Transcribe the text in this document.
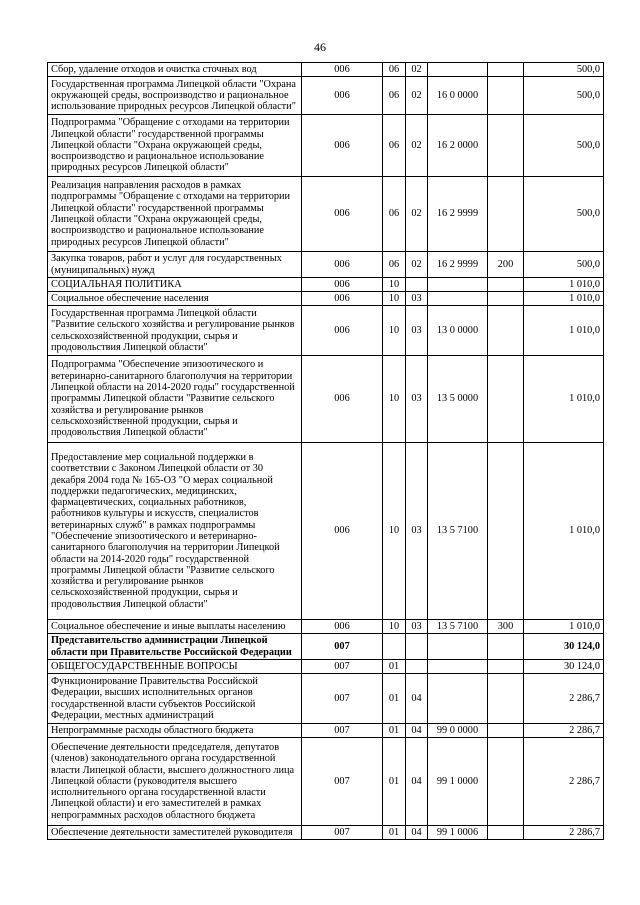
46
Сбор, удаление отходов и очистка сточных вод	006	06	02			500,0
Государственная программа Липецкой области "Охрана окружающей среды, воспроизводство и рациональное использование природных ресурсов Липецкой области"	006	06	02	16 0 0000		500,0
Подпрограмма "Обращение с отходами на территории Липецкой области" государственной программы Липецкой области "Охрана окружающей среды, воспроизводство и рациональное использование природных ресурсов Липецкой области"	006	06	02	16 2 0000		500,0
Реализация направления расходов в рамках подпрограммы "Обращение с отходами на территории Липецкой области" государственной программы Липецкой области "Охрана окружающей среды, воспроизводство и рациональное использование природных ресурсов Липецкой области"	006	06	02	16 2 9999		500,0
Закупка товаров, работ и услуг для государственных (муниципальных) нужд	006	06	02	16 2 9999	200	500,0
СОЦИАЛЬНАЯ ПОЛИТИКА	006	10				1 010,0
Социальное обеспечение населения	006	10	03			1 010,0
Государственная программа Липецкой области "Развитие сельского хозяйства и регулирование рынков сельскохозяйственной продукции, сырья и продовольствия Липецкой области"	006	10	03	13 0 0000		1 010,0
Подпрограмма "Обеспечение эпизоотического и ветеринарно-санитарного благополучия на территории Липецкой области на 2014-2020 годы" государственной программы Липецкой области "Развитие сельского хозяйства и регулирование рынков сельскохозяйственной продукции, сырья и продовольствия Липецкой области"	006	10	03	13 5 0000		1 010,0
Предоставление мер социальной поддержки в соответствии с Законом Липецкой области от 30 декабря 2004 года № 165-ОЗ "О мерах социальной поддержки педагогических, медицинских, фармацевтических, социальных работников, работников культуры и искусств, специалистов ветеринарных служб" в рамках подпрограммы "Обеспечение эпизоотического и ветеринарно-санитарного благополучия на территории Липецкой области на 2014-2020 годы" государственной программы Липецкой области "Развитие сельского хозяйства и регулирование рынков сельскохозяйственной продукции, сырья и продовольствия Липецкой области"	006	10	03	13 5 7100		1 010,0
Социальное обеспечение и иные выплаты населению	006	10	03	13 5 7100	300	1 010,0
Представительство администрации Липецкой области при Правительстве Российской Федерации	007					30 124,0
ОБЩЕГОСУДАРСТВЕННЫЕ ВОПРОСЫ	007	01				30 124,0
Функционирование Правительства Российской Федерации, высших исполнительных органов государственной власти субъектов Российской Федерации, местных администраций	007	01	04			2 286,7
Непрограммные расходы областного бюджета	007	01	04	99 0 0000		2 286,7
Обеспечение деятельности председателя, депутатов (членов) законодательного органа государственной власти Липецкой области, высшего должностного лица Липецкой области (руководителя высшего исполнительного органа государственной власти Липецкой области) и его заместителей в рамках непрограммных расходов областного бюджета	007	01	04	99 1 0000		2 286,7
Обеспечение деятельности заместителей руководителя	007	01	04	99 1 0006		2 286,7
